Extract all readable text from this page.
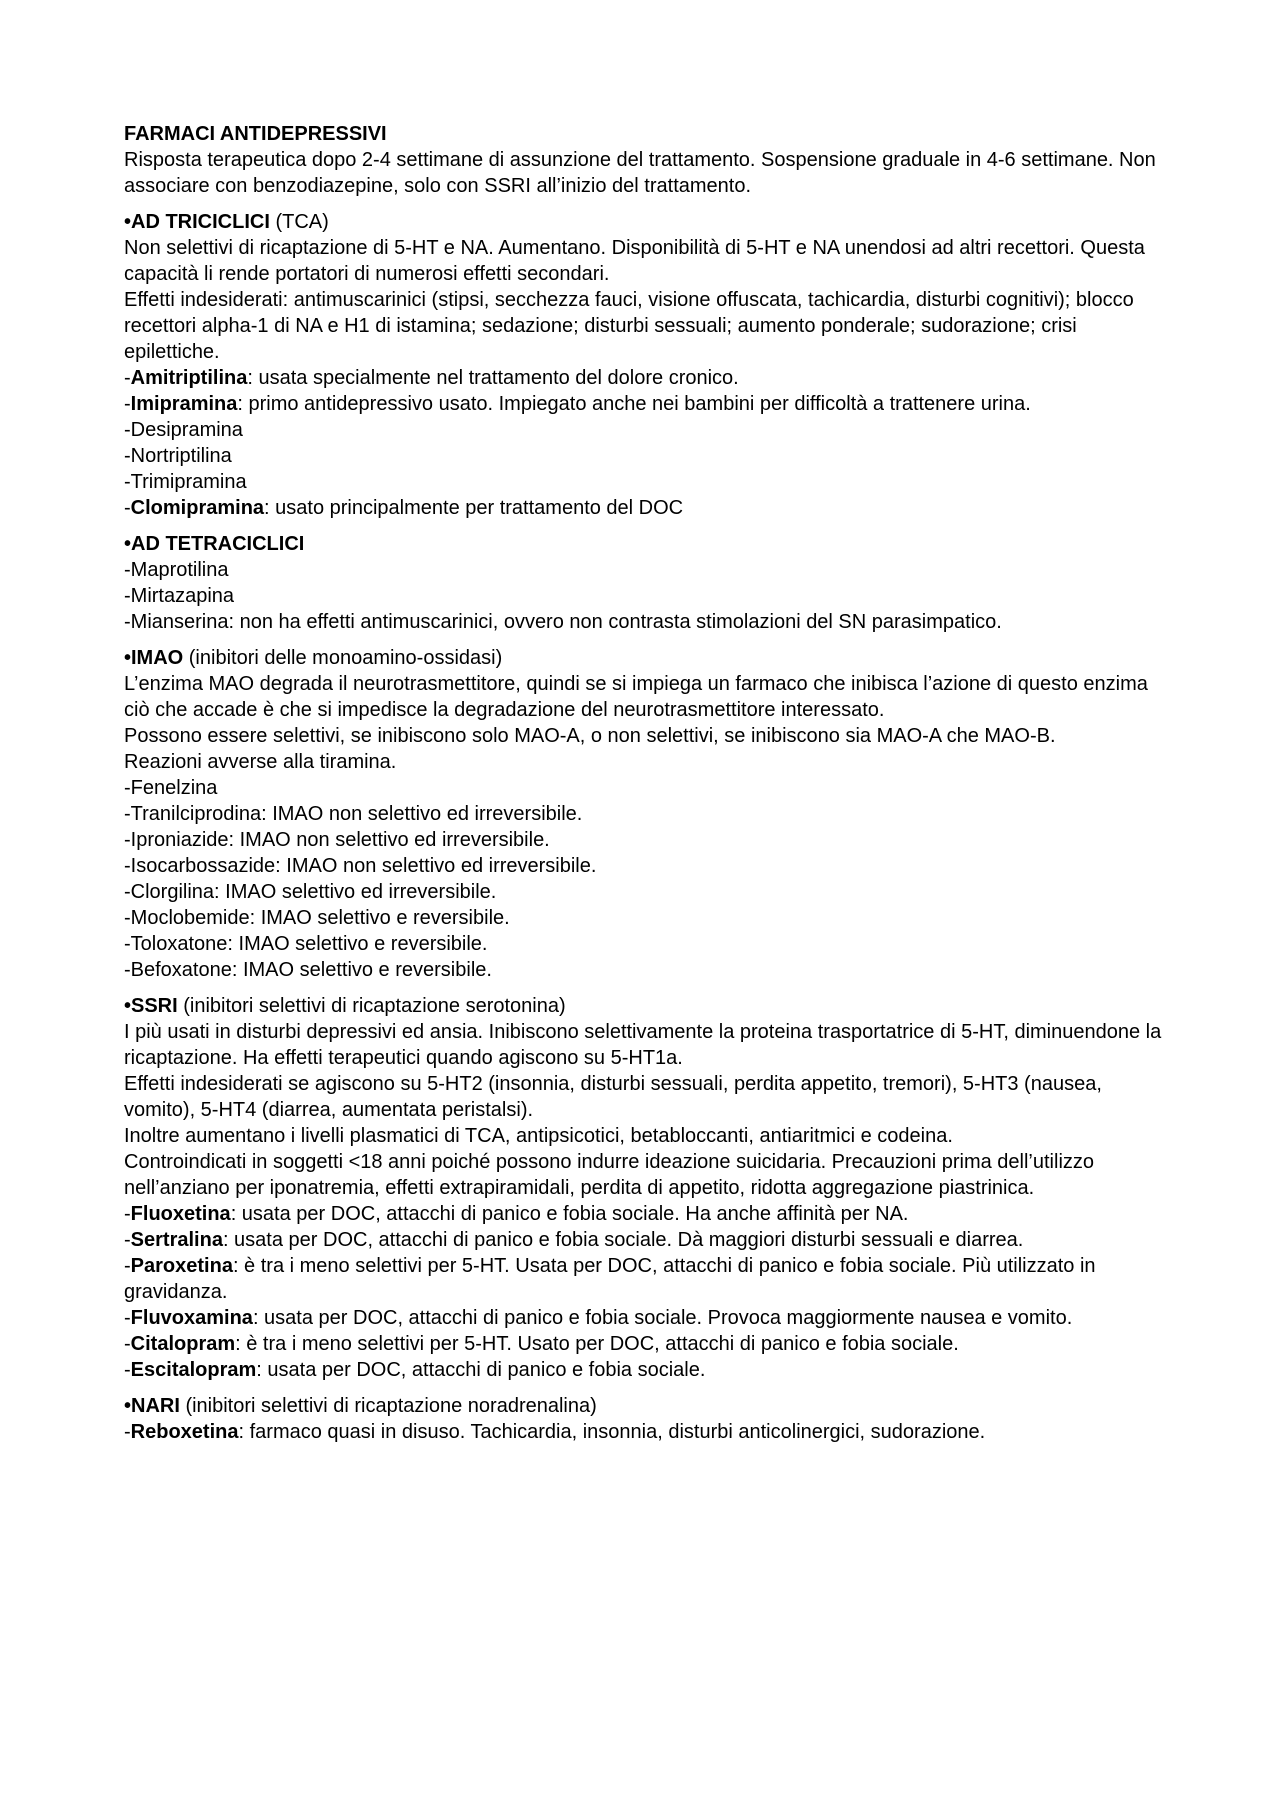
FARMACI ANTIDEPRESSIVI
Risposta terapeutica dopo 2-4 settimane di assunzione del trattamento. Sospensione graduale in 4-6 settimane. Non associare con benzodiazepine, solo con SSRI all’inizio del trattamento.
•AD TRICICLICI (TCA)
Non selettivi di ricaptazione di 5-HT e NA. Aumentano. Disponibilità di 5-HT e NA unendosi ad altri recettori. Questa capacità li rende portatori di numerosi effetti secondari.
Effetti indesiderati: antimuscarinici (stipsi, secchezza fauci, visione offuscata, tachicardia, disturbi cognitivi); blocco recettori alpha-1 di NA e H1 di istamina; sedazione; disturbi sessuali; aumento ponderale; sudorazione; crisi epilettiche.
-Amitriptilina: usata specialmente nel trattamento del dolore cronico.
-Imipramina: primo antidepressivo usato. Impiegato anche nei bambini per difficoltà a trattenere urina.
-Desipramina
-Nortriptilina
-Trimipramina
-Clomipramina: usato principalmente per trattamento del DOC
•AD TETRACICLICI
-Maprotilina
-Mirtazapina
-Mianserina: non ha effetti antimuscarinici, ovvero non contrasta stimolazioni del SN parasimpatico.
•IMAO (inibitori delle monoamino-ossidasi)
L’enzima MAO degrada il neurotrasmettitore, quindi se si impiega un farmaco che inibisca l’azione di questo enzima ciò che accade è che si impedisce la degradazione del neurotrasmettitore interessato.
Possono essere selettivi, se inibiscono solo MAO-A, o non selettivi, se inibiscono sia MAO-A che MAO-B.
Reazioni avverse alla tiramina.
-Fenelzina
-Tranilciprodina: IMAO non selettivo ed irreversibile.
-Iproniazide: IMAO non selettivo ed irreversibile.
-Isocarbossazide: IMAO non selettivo ed irreversibile.
-Clorgilina: IMAO selettivo ed irreversibile.
-Moclobemide: IMAO selettivo e reversibile.
-Toloxatone: IMAO selettivo e reversibile.
-Befoxatone: IMAO selettivo e reversibile.
•SSRI (inibitori selettivi di ricaptazione serotonina)
I più usati in disturbi depressivi ed ansia. Inibiscono selettivamente la proteina trasportatrice di 5-HT, diminuendone la ricaptazione. Ha effetti terapeutici quando agiscono su 5-HT1a.
Effetti indesiderati se agiscono su 5-HT2 (insonnia, disturbi sessuali, perdita appetito, tremori), 5-HT3 (nausea, vomito), 5-HT4 (diarrea, aumentata peristalsi).
Inoltre aumentano i livelli plasmatici di TCA, antipsicotici, betabloccanti, antiaritmici e codeina.
Controindicati in soggetti <18 anni poiché possono indurre ideazione suicidaria. Precauzioni prima dell’utilizzo nell’anziano per iponatremia, effetti extrapiramidali, perdita di appetito, ridotta aggregazione piastrinica.
-Fluoxetina: usata per DOC, attacchi di panico e fobia sociale. Ha anche affinità per NA.
-Sertralina: usata per DOC, attacchi di panico e fobia sociale. Dà maggiori disturbi sessuali e diarrea.
-Paroxetina: è tra i meno selettivi per 5-HT. Usata per DOC, attacchi di panico e fobia sociale. Più utilizzato in gravidanza.
-Fluvoxamina: usata per DOC, attacchi di panico e fobia sociale. Provoca maggiormente nausea e vomito.
-Citalopram: è tra i meno selettivi per 5-HT. Usato per DOC, attacchi di panico e fobia sociale.
-Escitalopram: usata per DOC, attacchi di panico e fobia sociale.
•NARI (inibitori selettivi di ricaptazione noradrenalina)
-Reboxetina: farmaco quasi in disuso. Tachicardia, insonnia, disturbi anticolinergici, sudorazione.
